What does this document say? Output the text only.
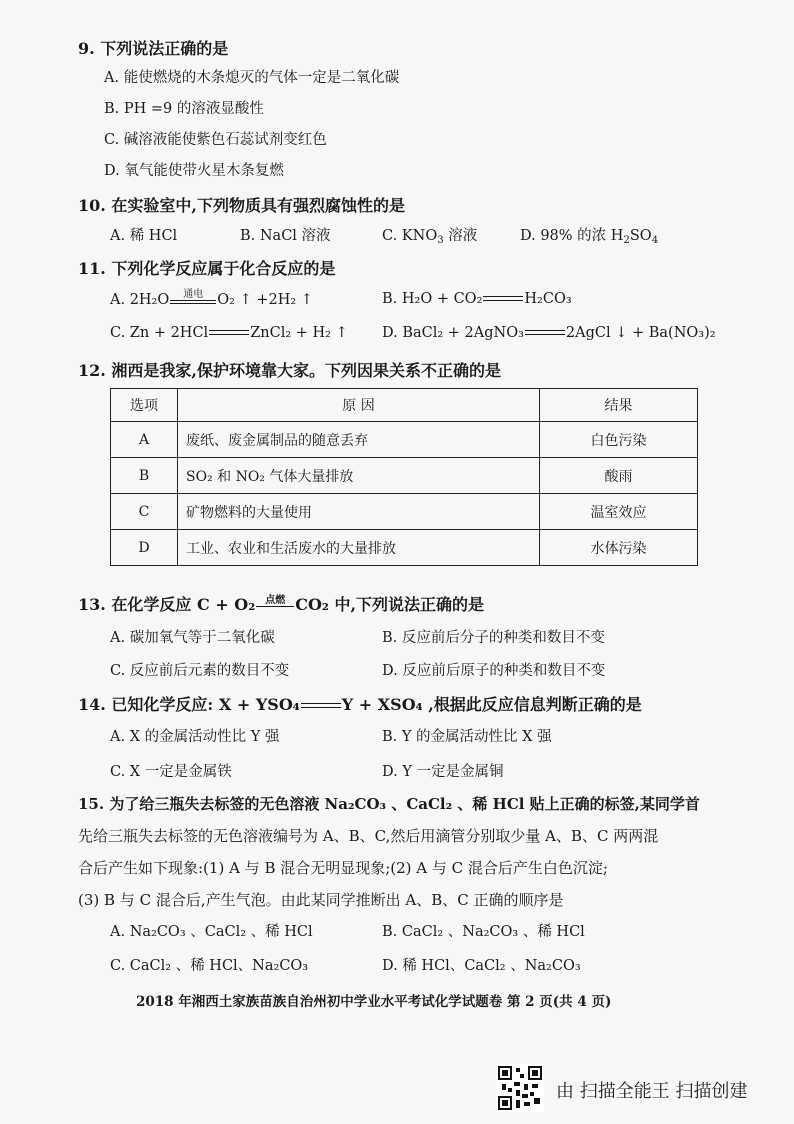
9. 下列说法正确的是
A. 能使燃烧的木条熄灭的气体一定是二氧化碳
B. PH =9 的溶液显酸性
C. 碱溶液能使紫色石蕊试剂变红色
D. 氧气能使带火星木条复燃
10. 在实验室中,下列物质具有强烈腐蚀性的是
A. 稀 HCl	B. NaCl 溶液	C. $KNO_3$ 溶液	D. 98% 的浓 $H_2SO_4$
11. 下列化学反应属于化合反应的是
A. 2H₂O	通电 O₂ ↑ +2H₂ ↑	B. H₂O + CO₂	H₂CO₃
C. Zn + 2HCl	ZnCl₂ + H₂ ↑ D. BaCl₂ + 2AgNO₃	2AgCl ↓ + Ba(NO₃)₂
12. 湘西是我家,保护环境靠大家。下列因果关系不正确的是
选项	原 因	结果
A	废纸、废金属制品的随意丢弃	白色污染
B	SO₂ 和 NO₂ 气体大量排放	酸雨
C	矿物燃料的大量使用	温室效应
D	工业、农业和生活废水的大量排放	水体污染
13. 在化学反应 C + O₂	点燃 CO₂ 中,下列说法正确的是
A. 碳加氧气等于二氧化碳	B. 反应前后分子的种类和数目不变
C. 反应前后元素的数目不变	D. 反应前后原子的种类和数目不变
14. 已知化学反应: X + YSO₄	Y + XSO₄ ,根据此反应信息判断正确的是
A. X 的金属活动性比 Y 强	B. Y 的金属活动性比 X 强
C. X 一定是金属铁	D. Y 一定是金属铜
15. 为了给三瓶失去标签的无色溶液 Na₂CO₃ 、CaCl₂ 、稀 HCl 贴上正确的标签,某同学首
先给三瓶失去标签的无色溶液编号为 A、B、C,然后用滴管分别取少量 A、B、C 两两混
合后产生如下现象:(1) A 与 B 混合无明显现象;(2) A 与 C 混合后产生白色沉淀;
(3) B 与 C 混合后,产生气泡。由此某同学推断出 A、B、C 正确的顺序是
A. Na₂CO₃ 、CaCl₂ 、稀 HCl	B. CaCl₂ 、Na₂CO₃ 、稀 HCl
C. CaCl₂ 、稀 HCl、Na₂CO₃	D. 稀 HCl、CaCl₂ 、Na₂CO₃
2018 年湘西土家族苗族自治州初中学业水平考试化学试题卷 第 2 页(共 4 页)
由 扫描全能王 扫描创建
